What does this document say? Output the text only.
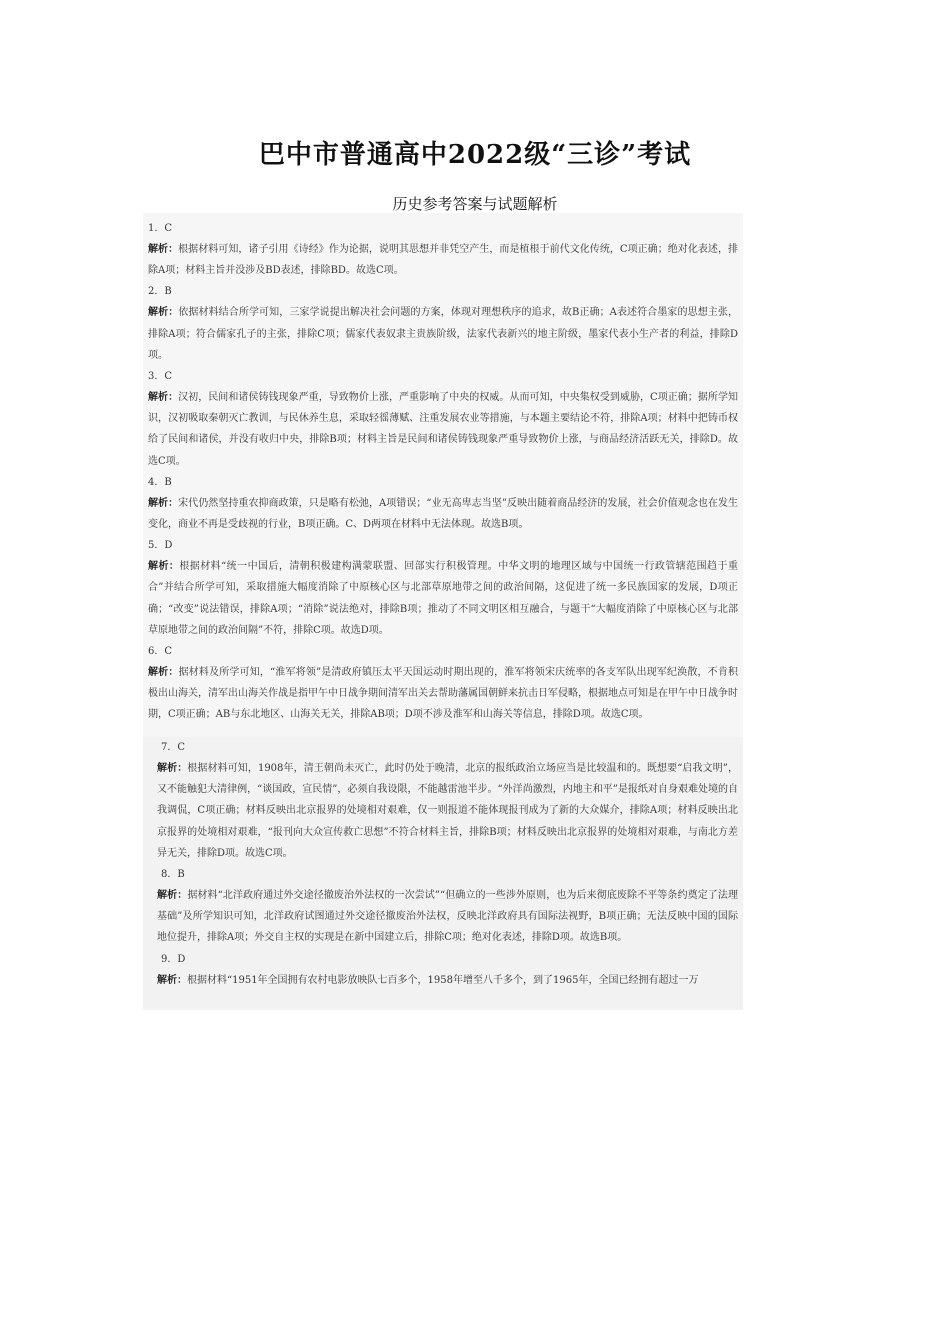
巴中市普通高中2022级“三诊”考试
历史参考答案与试题解析
1．C

解析：根据材料可知，诸子引用《诗经》作为论据，说明其思想并非凭空产生，而是植根于前代文化传统，C项正确；绝对化表述，排除A项；材料主旨并没涉及BD表述，排除BD。故选C项。

2．B

解析：依据材料结合所学可知，三家学说提出解决社会问题的方案，体现对理想秩序的追求，故B正确；A表述符合墨家的思想主张，排除A项；符合儒家孔子的主张，排除C项；儒家代表奴隶主贵族阶级，法家代表新兴的地主阶级，墨家代表小生产者的利益，排除D项。

3．C

解析：汉初，民间和诸侯铸钱现象严重，导致物价上涨，严重影响了中央的权威。从而可知，中央集权受到威胁，C项正确；据所学知识，汉初吸取秦朝灭亡教训，与民休养生息，采取轻徭薄赋、注重发展农业等措施，与本题主要结论不符，排除A项；材料中把铸币权给了民间和诸侯，并没有收归中央，排除B项；材料主旨是民间和诸侯铸钱现象严重导致物价上涨，与商品经济活跃无关，排除D。故选C项。

4．B

解析：宋代仍然坚持重农抑商政策，只是略有松弛，A项错误；“业无高卑志当坚”反映出随着商品经济的发展，社会价值观念也在发生变化，商业不再是受歧视的行业，B项正确。C、D两项在材料中无法体现。故选B项。

5．D

解析：根据材料“统一中国后，清朝积极建构满蒙联盟、回部实行积极管理。中华文明的地理区域与中国统一行政管辖范围趋于重合”并结合所学可知，采取措施大幅度消除了中原核心区与北部草原地带之间的政治间隔，这促进了统一多民族国家的发展，D项正确；“改变”说法错误，排除A项；“消除”说法绝对，排除B项；推动了不同文明区相互融合，与题干“大幅度消除了中原核心区与北部草原地带之间的政治间隔”不符，排除C项。故选D项。

6．C

解析：据材料及所学可知，“淮军将领”是清政府镇压太平天国运动时期出现的，淮军将领宋庆统率的各支军队出现军纪涣散，不肯积极出山海关，清军出山海关作战是指甲午中日战争期间清军出关去帮助藩属国朝鲜来抗击日军侵略，根据地点可知是在甲午中日战争时期，C项正确；AB与东北地区、山海关无关，排除AB项；D项不涉及淮军和山海关等信息，排除D项。故选C项。

7．C

解析：根据材料可知，1908年，清王朝尚未灭亡，此时仍处于晚清，北京的报纸政治立场应当是比较温和的。既想要“启我文明”，又不能触犯大清律例，“谈国政，宣民情”，必须自我设限，不能越雷池半步。“外洋尚激烈，内地主和平”是报纸对自身艰难处境的自我调侃，C项正确；材料反映出北京报界的处境相对艰难，仅一则报道不能体现报刊成为了新的大众媒介，排除A项；材料反映出北京报界的处境相对艰难，“报刊向大众宣传救亡思想”不符合材料主旨，排除B项；材料反映出北京报界的处境相对艰难，与南北方差异无关，排除D项。故选C项。

8．B

解析：据材料“北洋政府通过外交途径撤废治外法权的一次尝试”“但确立的一些涉外原则，也为后来彻底废除不平等条约奠定了法理基础”及所学知识可知，北洋政府试图通过外交途径撤废治外法权，反映北洋政府具有国际法视野，B项正确；无法反映中国的国际地位提升，排除A项；外交自主权的实现是在新中国建立后，排除C项；绝对化表述，排除D项。故选B项。

9．D

解析：根据材料“1951年全国拥有农村电影放映队七百多个，1958年增至八千多个，到了1965年，全国已经拥有超过一万
